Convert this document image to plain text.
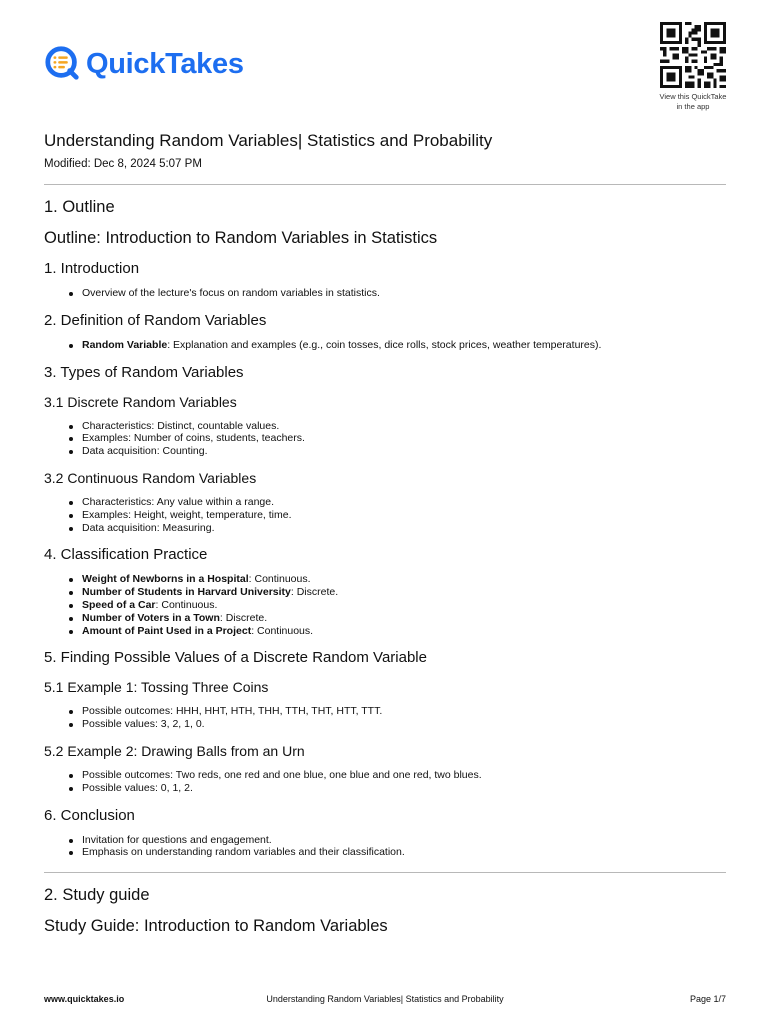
QuickTakes
View this QuickTake
in the app
Understanding Random Variables| Statistics and Probability
Modified: Dec 8, 2024 5:07 PM
1. Outline
Outline: Introduction to Random Variables in Statistics
1. Introduction
Overview of the lecture's focus on random variables in statistics.
2. Definition of Random Variables
Random Variable: Explanation and examples (e.g., coin tosses, dice rolls, stock prices, weather temperatures).
3. Types of Random Variables
3.1 Discrete Random Variables
Characteristics: Distinct, countable values.
Examples: Number of coins, students, teachers.
Data acquisition: Counting.
3.2 Continuous Random Variables
Characteristics: Any value within a range.
Examples: Height, weight, temperature, time.
Data acquisition: Measuring.
4. Classification Practice
Weight of Newborns in a Hospital: Continuous.
Number of Students in Harvard University: Discrete.
Speed of a Car: Continuous.
Number of Voters in a Town: Discrete.
Amount of Paint Used in a Project: Continuous.
5. Finding Possible Values of a Discrete Random Variable
5.1 Example 1: Tossing Three Coins
Possible outcomes: HHH, HHT, HTH, THH, TTH, THT, HTT, TTT.
Possible values: 3, 2, 1, 0.
5.2 Example 2: Drawing Balls from an Urn
Possible outcomes: Two reds, one red and one blue, one blue and one red, two blues.
Possible values: 0, 1, 2.
6. Conclusion
Invitation for questions and engagement.
Emphasis on understanding random variables and their classification.
2. Study guide
Study Guide: Introduction to Random Variables
www.quicktakes.io	Understanding Random Variables| Statistics and Probability	Page 1/7
